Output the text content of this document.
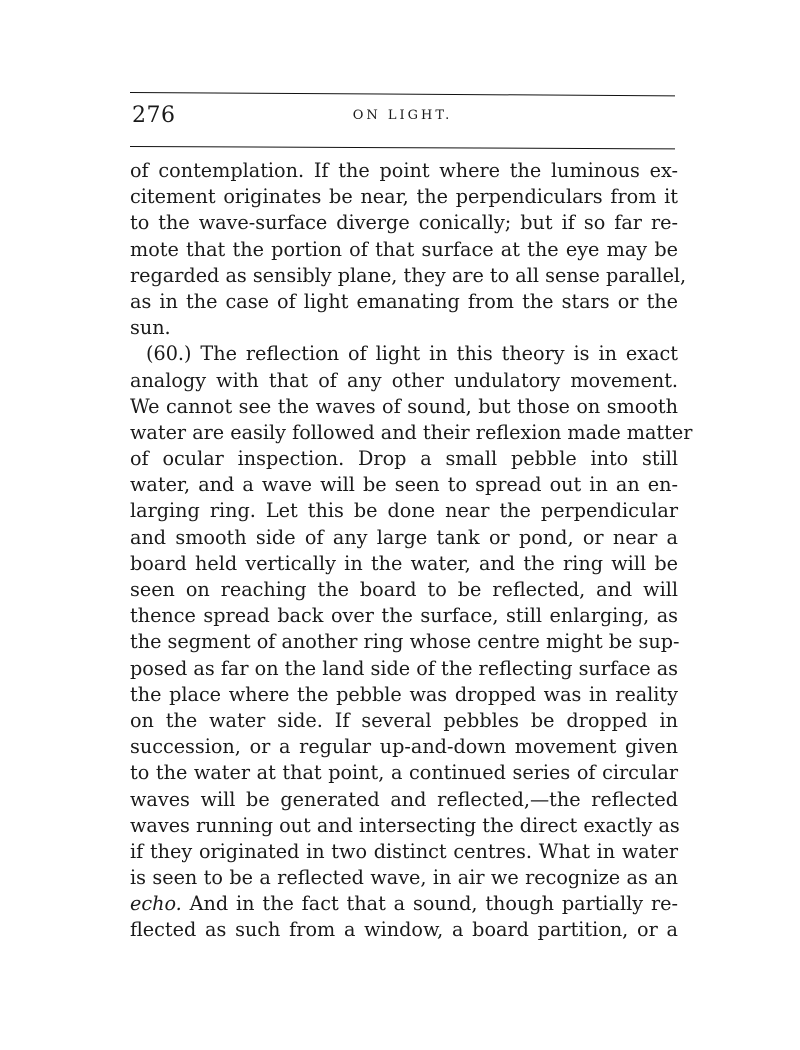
276	ON LIGHT.
of contemplation. If the point where the luminous ex-
citement originates be near, the perpendiculars from it
to the wave-surface diverge conically; but if so far re-
mote that the portion of that surface at the eye may be
regarded as sensibly plane, they are to all sense parallel,
as in the case of light emanating from the stars or the
sun.
(60.) The reflection of light in this theory is in exact
analogy with that of any other undulatory movement.
We cannot see the waves of sound, but those on smooth
water are easily followed and their reflexion made matter
of ocular inspection. Drop a small pebble into still
water, and a wave will be seen to spread out in an en-
larging ring. Let this be done near the perpendicular
and smooth side of any large tank or pond, or near a
board held vertically in the water, and the ring will be
seen on reaching the board to be reflected, and will
thence spread back over the surface, still enlarging, as
the segment of another ring whose centre might be sup-
posed as far on the land side of the reflecting surface as
the place where the pebble was dropped was in reality
on the water side. If several pebbles be dropped in
succession, or a regular up-and-down movement given
to the water at that point, a continued series of circular
waves will be generated and reflected,—the reflected
waves running out and intersecting the direct exactly as
if they originated in two distinct centres. What in water
is seen to be a reflected wave, in air we recognize as an
echo. And in the fact that a sound, though partially re-
flected as such from a window, a board partition, or a
